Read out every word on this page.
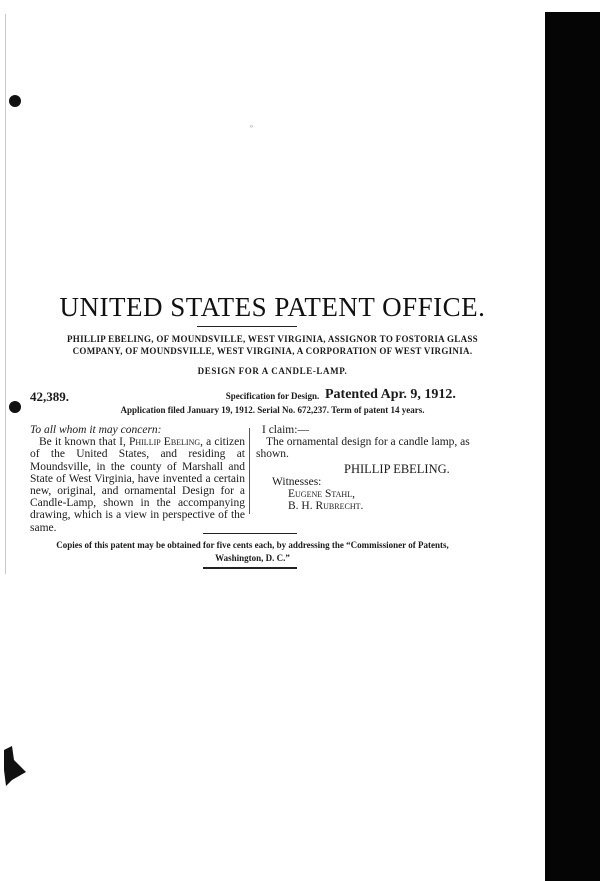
°
UNITED STATES PATENT OFFICE.
PHILLIP EBELING, OF MOUNDSVILLE, WEST VIRGINIA, ASSIGNOR TO FOSTORIA GLASS
COMPANY, OF MOUNDSVILLE, WEST VIRGINIA, A CORPORATION OF WEST VIRGINIA.
DESIGN FOR A CANDLE-LAMP.
42,389.	Specification for Design. Patented Apr. 9, 1912.
Application filed January 19, 1912. Serial No. 672,237. Term of patent 14 years.

To all whom it may concern:

Be it known that I, Phillip Ebeling, a citizen of the United States, and residing at Moundsville, in the county of Marshall and State of West Virginia, have invented a certain new, original, and ornamental Design for a Candle-Lamp, shown in the accompanying drawing, which is a view in perspective of the same.

I claim:—

The ornamental design for a candle lamp, as shown.

PHILLIP EBELING.

Witnesses:

Eugene Stahl,

B. H. Rubrecht.

Copies of this patent may be obtained for five cents each, by addressing the “Commissioner of Patents,
Washington, D. C.”
